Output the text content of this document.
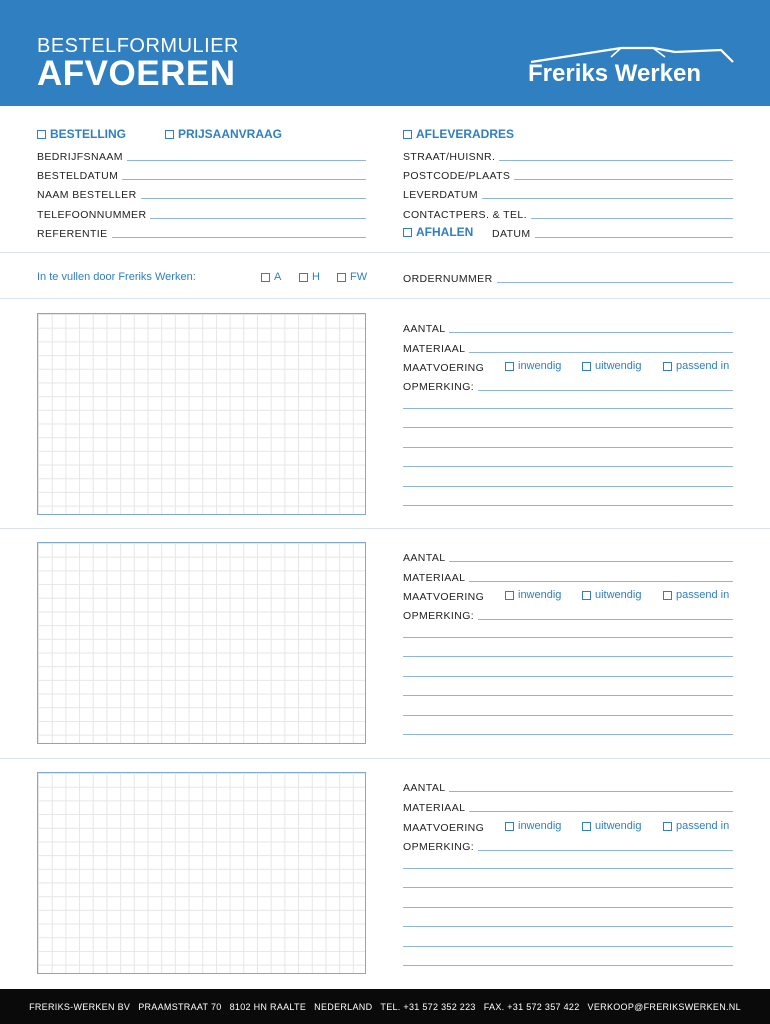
BESTELFORMULIER
AFVOEREN	Freriks Werken
BESTELLING	PRIJSAANVRAAG	AFLEVERADRES
BEDRIJFSNAAM
BESTELDATUM
NAAM BESTELLER
TELEFOONNUMMER
REFERENTIE
STRAAT/HUISNR.
POSTCODE/PLAATS
LEVERDATUM
CONTACTPERS. & TEL.
AFHALEN DATUM
In te vullen door Freriks Werken:	A	H	FW	ORDERNUMMER
AANTAL
MATERIAAL
MAATVOERING	inwendig	uitwendig	passend in
OPMERKING:
AANTAL
MATERIAAL
MAATVOERING	inwendig	uitwendig	passend in
OPMERKING:
AANTAL
MATERIAAL
MAATVOERING	inwendig	uitwendig	passend in
OPMERKING:
FRERIKS-WERKEN BV PRAAMSTRAAT 70 8102 HN RAALTE NEDERLAND TEL. +31 572 352 223 FAX. +31 572 357 422 VERKOOP@FRERIKSWERKEN.NL
